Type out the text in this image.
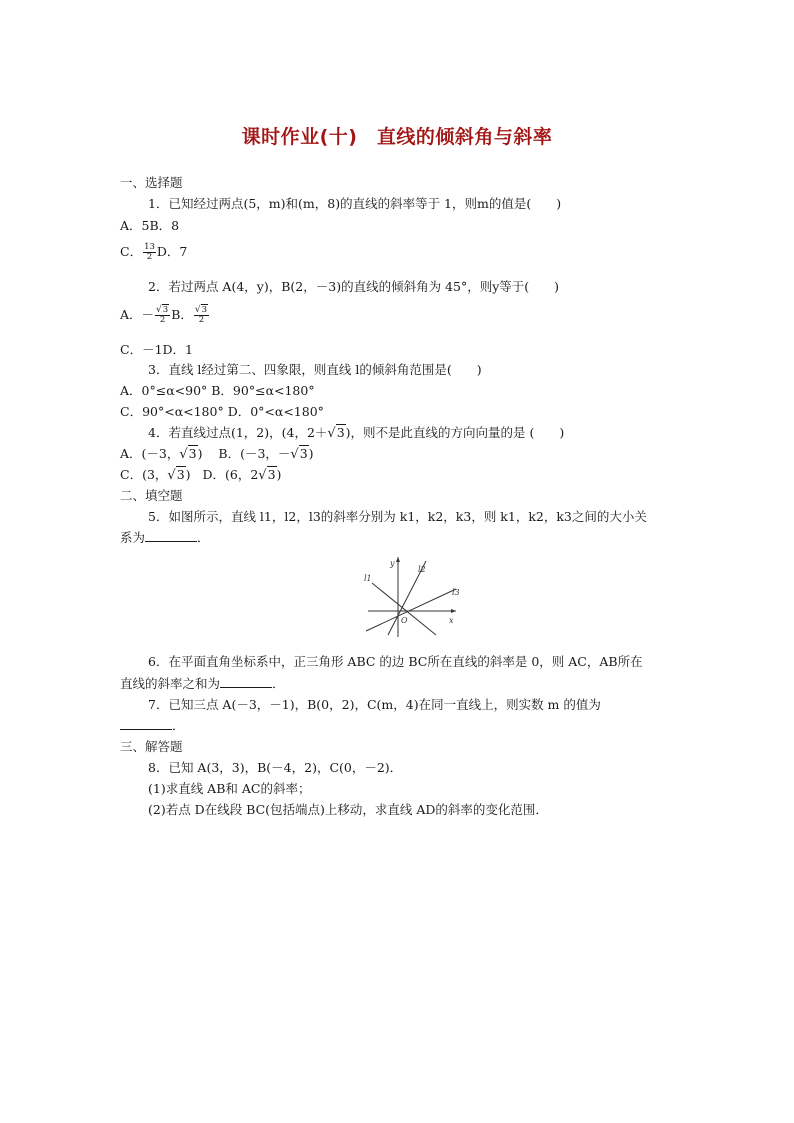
课时作业(十)　直线的倾斜角与斜率
一、选择题
1．已知经过两点(5，m)和(m，8)的直线的斜率等于 1，则m的值是(　　)
A．5B．8
C． $\frac{13}{2}$ D．7
2．若过两点 A(4，y)，B(2，－3)的直线的倾斜角为 45°，则y等于(　　)
A．－ $\frac{√3}{2}$ B． $\frac{√3}{2}$
C．－1D．1
3．直线 l经过第二、四象限，则直线 l的倾斜角范围是(　　)
A．0°≤α<90° B．90°≤α<180°
C．90°<α<180° D．0°<α<180°
4．若直线过点(1，2)，(4，2＋√3)，则不是此直线的方向向量的是 (　　)
A．(－3，√3) B．(－3，－√3)
C．(3，√3) D．(6，2√3)
二、填空题
5．如图所示，直线 l1，l2，l3的斜率分别为 k1，k2，k3，则 k1，k2，k3之间的大小关
系为	．
y
x
O
l1
l2
l3
6．在平面直角坐标系中，正三角形 ABC 的边 BC所在直线的斜率是 0，则 AC，AB所在
直线的斜率之和为	．
7．已知三点 A(－3，－1)，B(0，2)，C(m，4)在同一直线上，则实数 m 的值为
．
三、解答题
8．已知 A(3，3)，B(－4，2)，C(0，－2)．
(1)求直线 AB和 AC的斜率；
(2)若点 D在线段 BC(包括端点)上移动，求直线 AD的斜率的变化范围．
